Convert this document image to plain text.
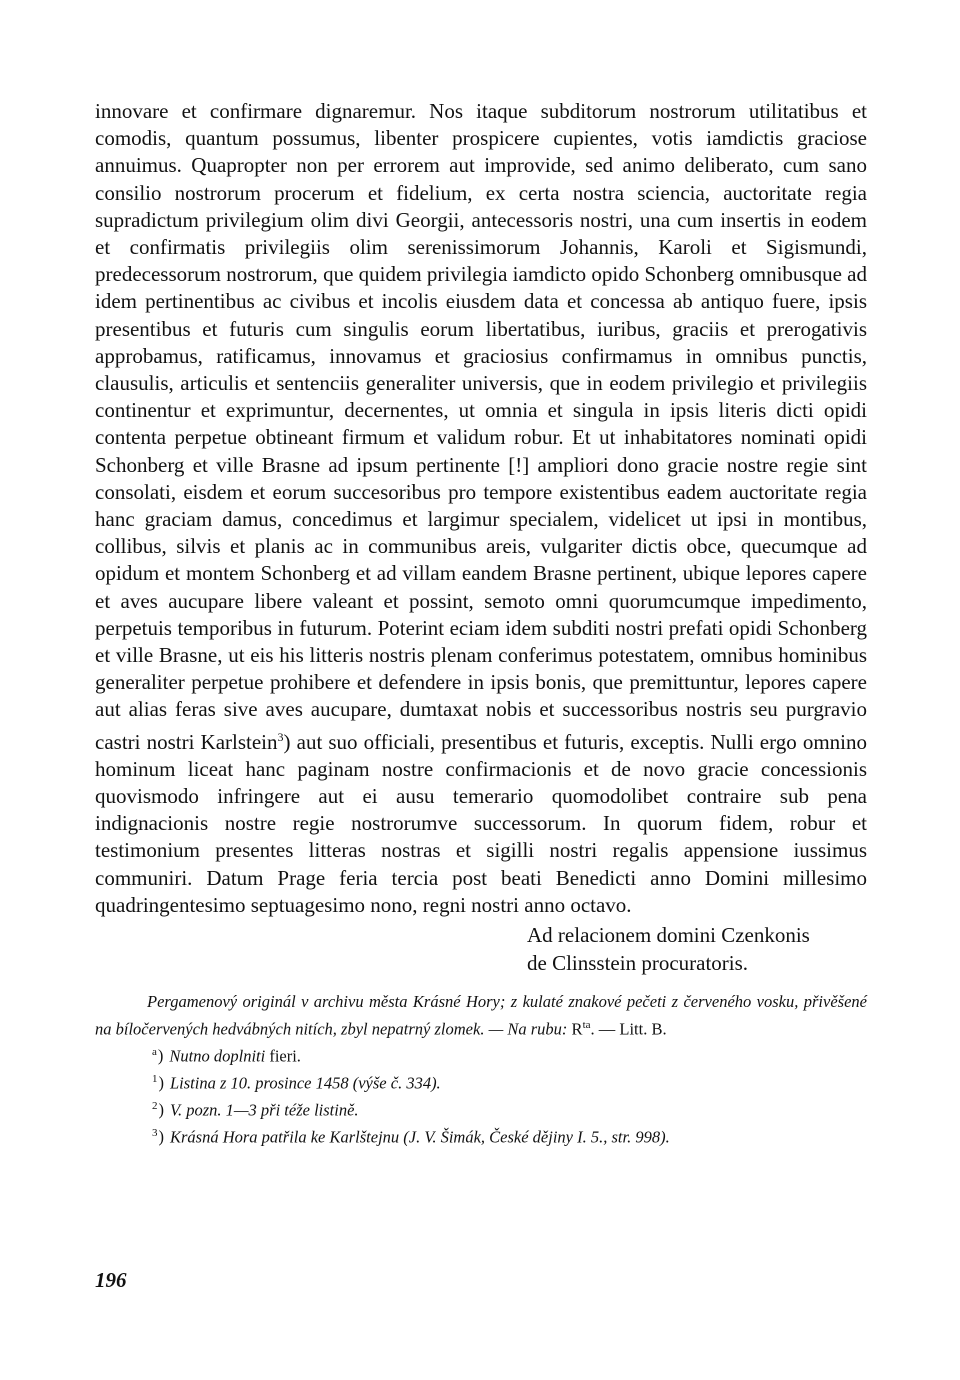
innovare et confirmare dignaremur. Nos itaque subditorum nostrorum utilitatibus et comodis, quantum possumus, libenter prospicere cupientes, votis iamdictis graciose annuimus. Quapropter non per errorem aut improvide, sed animo deliberato, cum sano consilio nostrorum procerum et fidelium, ex certa nostra sciencia, auctoritate regia supradictum privilegium olim divi Georgii, antecessoris nostri, una cum insertis in eodem et confirmatis privilegiis olim serenissimorum Johannis, Karoli et Sigismundi, predecessorum nostrorum, que quidem privilegia iamdicto opido Schonberg omnibusque ad idem pertinentibus ac civibus et incolis eiusdem data et concessa ab antiquo fuere, ipsis presentibus et futuris cum singulis eorum libertatibus, iuribus, graciis et prerogativis approbamus, ratificamus, innovamus et graciosius confirmamus in omnibus punctis, clausulis, articulis et sentenciis generaliter universis, que in eodem privilegio et privilegiis continentur et exprimuntur, decernentes, ut omnia et singula in ipsis literis dicti opidi contenta perpetue obtineant firmum et validum robur. Et ut inhabitatores nominati opidi Schonberg et ville Brasne ad ipsum pertinente [!] ampliori dono gracie nostre regie sint consolati, eisdem et eorum succesoribus pro tempore existentibus eadem auctoritate regia hanc graciam damus, concedimus et largimur specialem, videlicet ut ipsi in montibus, collibus, silvis et planis ac in communibus areis, vulgariter dictis obce, quecumque ad opidum et montem Schonberg et ad villam eandem Brasne pertinent, ubique lepores capere et aves aucupare libere valeant et possint, semoto omni quorumcumque impedimento, perpetuis temporibus in futurum. Poterint eciam idem subditi nostri prefati opidi Schonberg et ville Brasne, ut eis his litteris nostris plenam conferimus potestatem, omnibus hominibus generaliter perpetue prohibere et defendere in ipsis bonis, que premittuntur, lepores capere aut alias feras sive aves aucupare, dumtaxat nobis et successoribus nostris seu purgravio castri nostri Karlstein$^3$) aut suo officiali, presentibus et futuris, exceptis. Nulli ergo omnino hominum liceat hanc paginam nostre confirmacionis et de novo gracie concessionis quovismodo infringere aut ei ausu temerario quomodolibet contraire sub pena indignacionis nostre regie nostrorumve successorum. In quorum fidem, robur et testimonium presentes litteras nostras et sigilli nostri regalis appensione iussimus communiri. Datum Prage feria tercia post beati Benedicti anno Domini millesimo quadringentesimo septuagesimo nono, regni nostri anno octavo.

Ad relacionem domini Czenkonis
de Clinsstein procuratoris.

Pergamenový originál v archivu města Krásné Hory; z kulaté znakové pečeti z červeného vosku, přivěšené na bíločervených hedvábných nitích, zbyl nepatrný zlomek. — Na rubu: $R^{ta}$. — Litt. B.

$^a$) Nutno doplniti fieri.
$^1$) Listina z 10. prosince 1458 (výše č. 334).
$^2$) V. pozn. 1—3 při téže listině.
$^3$) Krásná Hora patřila ke Karlštejnu (J. V. Šimák, České dějiny I. 5., str. 998).
196
